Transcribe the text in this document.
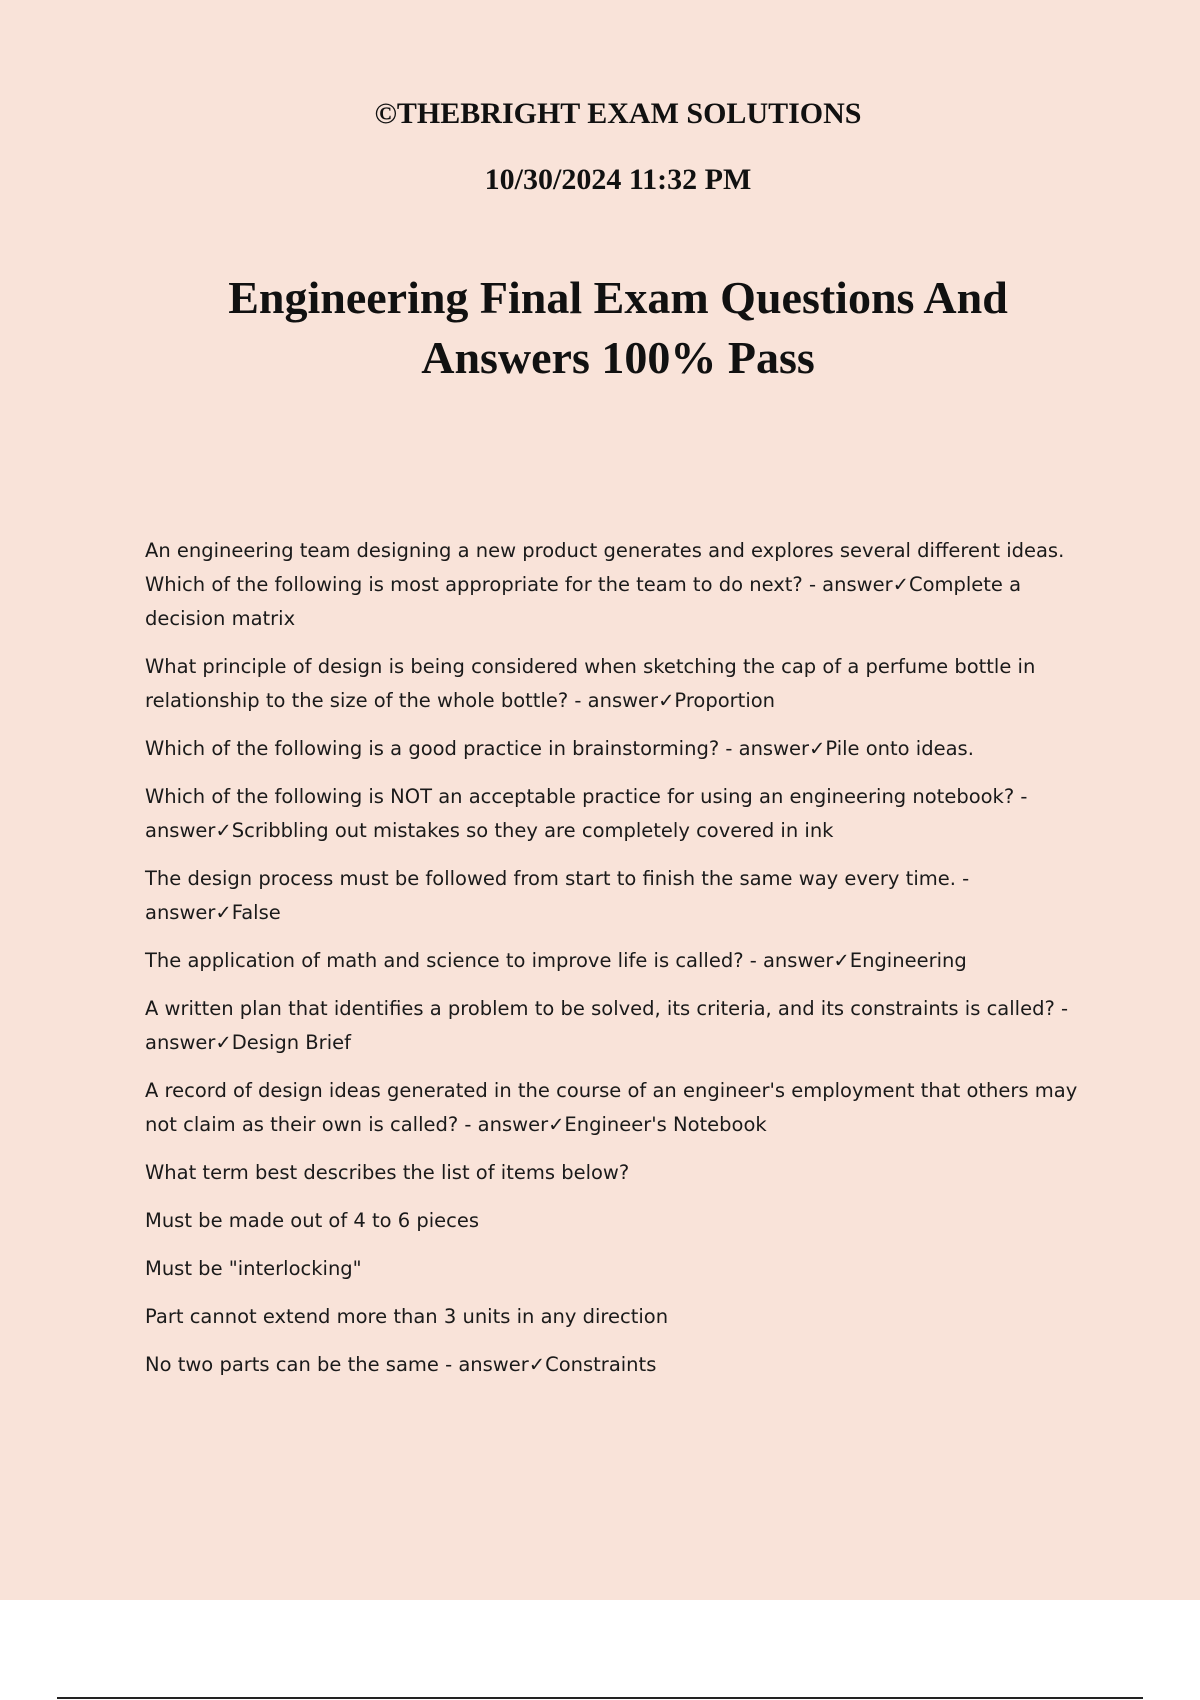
©THEBRIGHT EXAM SOLUTIONS

10/30/2024 11:32 PM

Engineering Final Exam Questions And
Answers 100% Pass
An engineering team designing a new product generates and explores several different ideas. Which of the following is most appropriate for the team to do next? - answer✓Complete a decision matrix
What principle of design is being considered when sketching the cap of a perfume bottle in relationship to the size of the whole bottle? - answer✓Proportion
Which of the following is a good practice in brainstorming? - answer✓Pile onto ideas.
Which of the following is NOT an acceptable practice for using an engineering notebook? - answer✓Scribbling out mistakes so they are completely covered in ink
The design process must be followed from start to finish the same way every time. - answer✓False
The application of math and science to improve life is called? - answer✓Engineering
A written plan that identifies a problem to be solved, its criteria, and its constraints is called? - answer✓Design Brief
A record of design ideas generated in the course of an engineer's employment that others may not claim as their own is called? - answer✓Engineer's Notebook
What term best describes the list of items below?
Must be made out of 4 to 6 pieces
Must be "interlocking"
Part cannot extend more than 3 units in any direction
No two parts can be the same - answer✓Constraints
